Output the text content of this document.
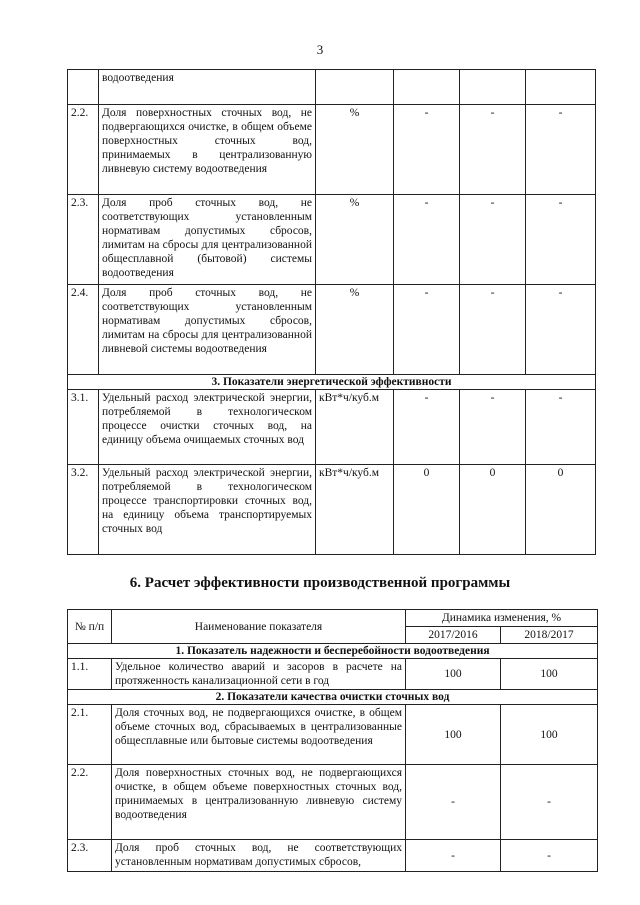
3
	водоотведения				
2.2.	Доля поверхностных сточных вод, не подвергающихся очистке, в общем объеме поверхностных сточных вод, принимаемых в централизованную ливневую систему водоотведения	%	-	-	-
2.3.	Доля проб сточных вод, не соответствующих установленным нормативам допустимых сбросов, лимитам на сбросы для централизованной общесплавной (бытовой) системы водоотведения	%	-	-	-
2.4.	Доля проб сточных вод, не соответствующих установленным нормативам допустимых сбросов, лимитам на сбросы для централизованной ливневой системы водоотведения	%	-	-	-
3. Показатели энергетической эффективности					
3.1.	Удельный расход электрической энергии, потребляемой в технологическом процессе очистки сточных вод, на единицу объема очищаемых сточных вод	кВт*ч/куб.м	-	-	-
3.2.	Удельный расход электрической энергии, потребляемой в технологическом процессе транспортировки сточных вод, на единицу объема транспортируемых сточных вод	кВт*ч/куб.м	0	0	0
6. Расчет эффективности производственной программы
№ п/п	Наименование показателя	Динамика изменения, %	
		2017/2016	2018/2017
1. Показатель надежности и бесперебойности водоотведения			
1.1.	Удельное количество аварий и засоров в расчете на протяженность канализационной сети в год	100	100
2. Показатели качества очистки сточных вод			
2.1.	Доля сточных вод, не подвергающихся очистке, в общем объеме сточных вод, сбрасываемых в централизованные общесплавные или бытовые системы водоотведения	100	100
2.2.	Доля поверхностных сточных вод, не подвергающихся очистке, в общем объеме поверхностных сточных вод, принимаемых в централизованную ливневую систему водоотведения	-	-
2.3.	Доля проб сточных вод, не соответствующих установленным нормативам допустимых сбросов,	-	-
